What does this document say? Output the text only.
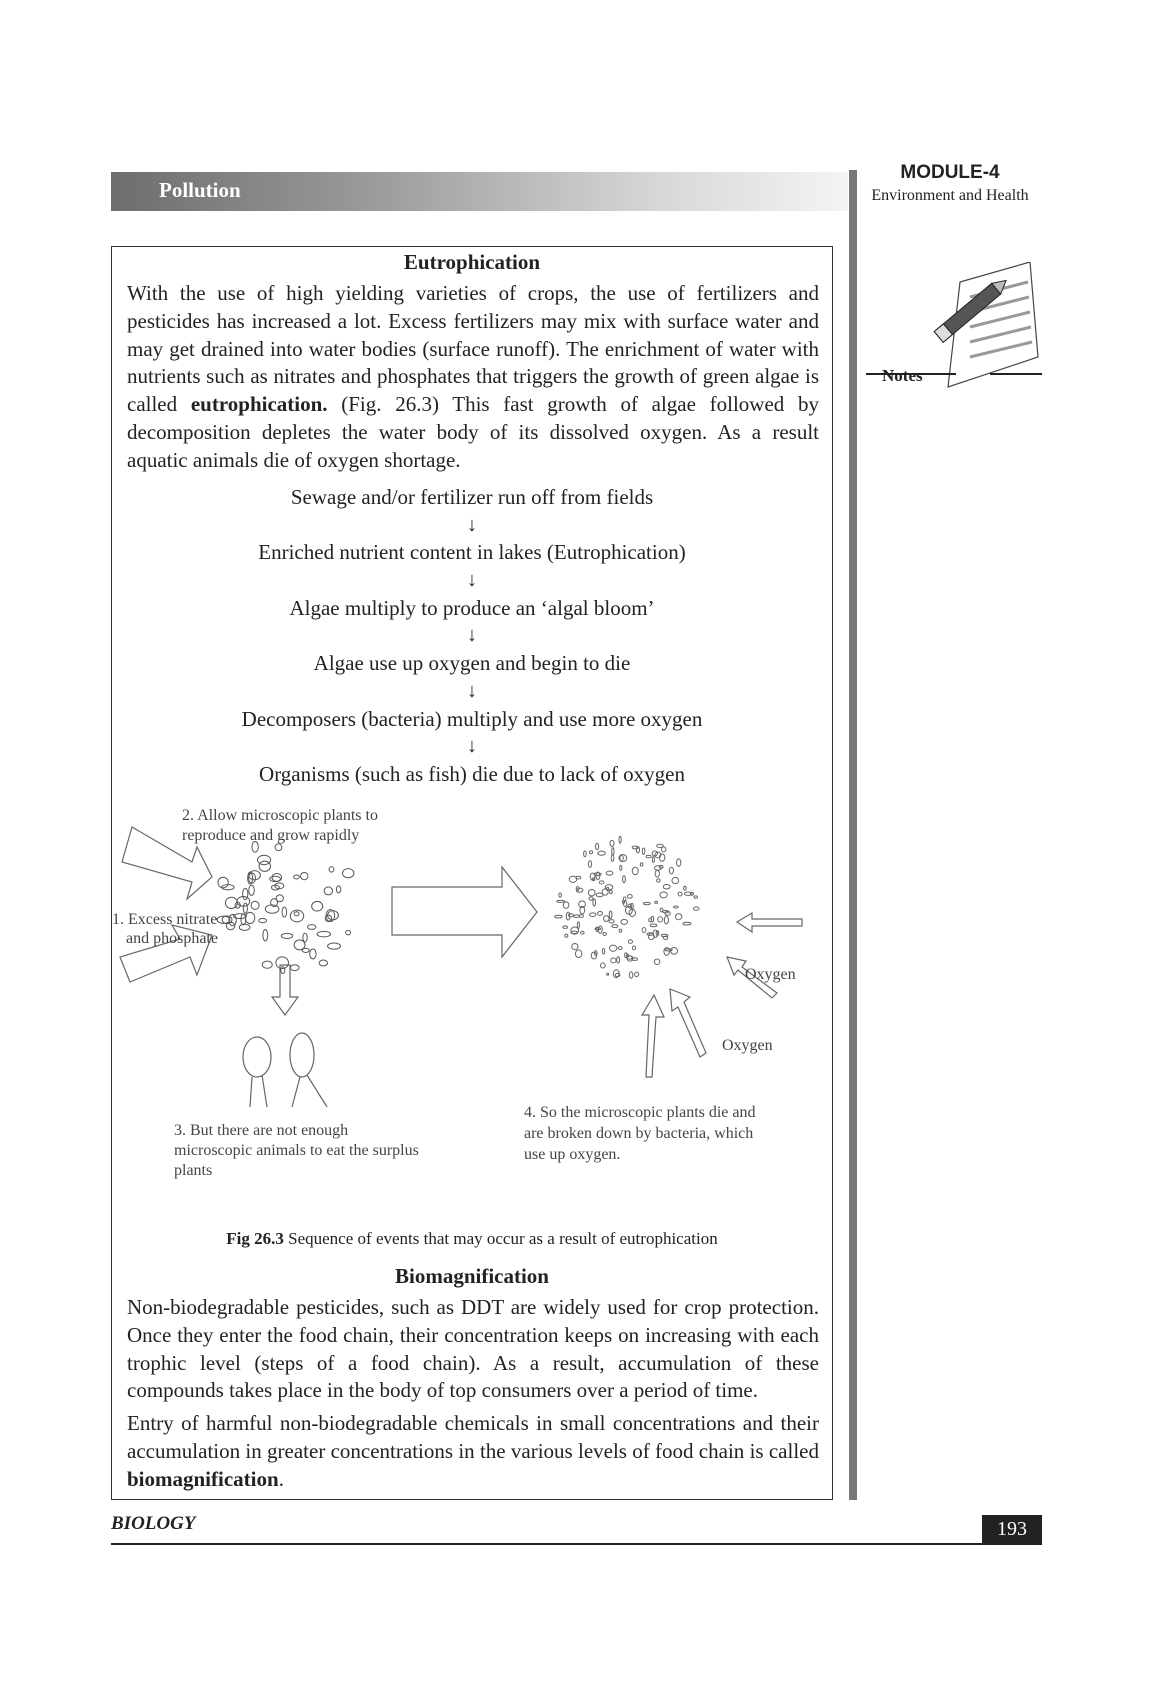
Pollution
MODULE-4
Environment and Health
Notes
Eutrophication
With the use of high yielding varieties of crops, the use of fertilizers and pesticides has increased a lot. Excess fertilizers may mix with surface water and may get drained into water bodies (surface runoff). The enrichment of water with nutrients such as nitrates and phosphates that triggers the growth of green algae is called eutrophication. (Fig. 26.3) This fast growth of algae followed by decomposition depletes the water body of its dissolved oxygen. As a result aquatic animals die of oxygen shortage.
Sewage and/or fertilizer run off from fields
↓
Enriched nutrient content in lakes (Eutrophication)
↓
Algae multiply to produce an ‘algal bloom’
↓
Algae use up oxygen and begin to die
↓
Decomposers (bacteria) multiply and use more oxygen
↓
Organisms (such as fish) die due to lack of oxygen
2. Allow microscopic plants to reproduce and grow rapidly
1. Excess nitrate and phosphate
3. But there are not enough microscopic animals to eat the surplus plants
4. So the microscopic plants die and are broken down by bacteria, which use up oxygen.
Oxygen
Oxygen
Fig 26.3 Sequence of events that may occur as a result of eutrophication
Biomagnification
Non-biodegradable pesticides, such as DDT are widely used for crop protection. Once they enter the food chain, their concentration keeps on increasing with each trophic level (steps of a food chain). As a result, accumulation of these compounds takes place in the body of top consumers over a period of time.
Entry of harmful non-biodegradable chemicals in small concentrations and their accumulation in greater concentrations in the various levels of food chain is called biomagnification.
BIOLOGY	193
